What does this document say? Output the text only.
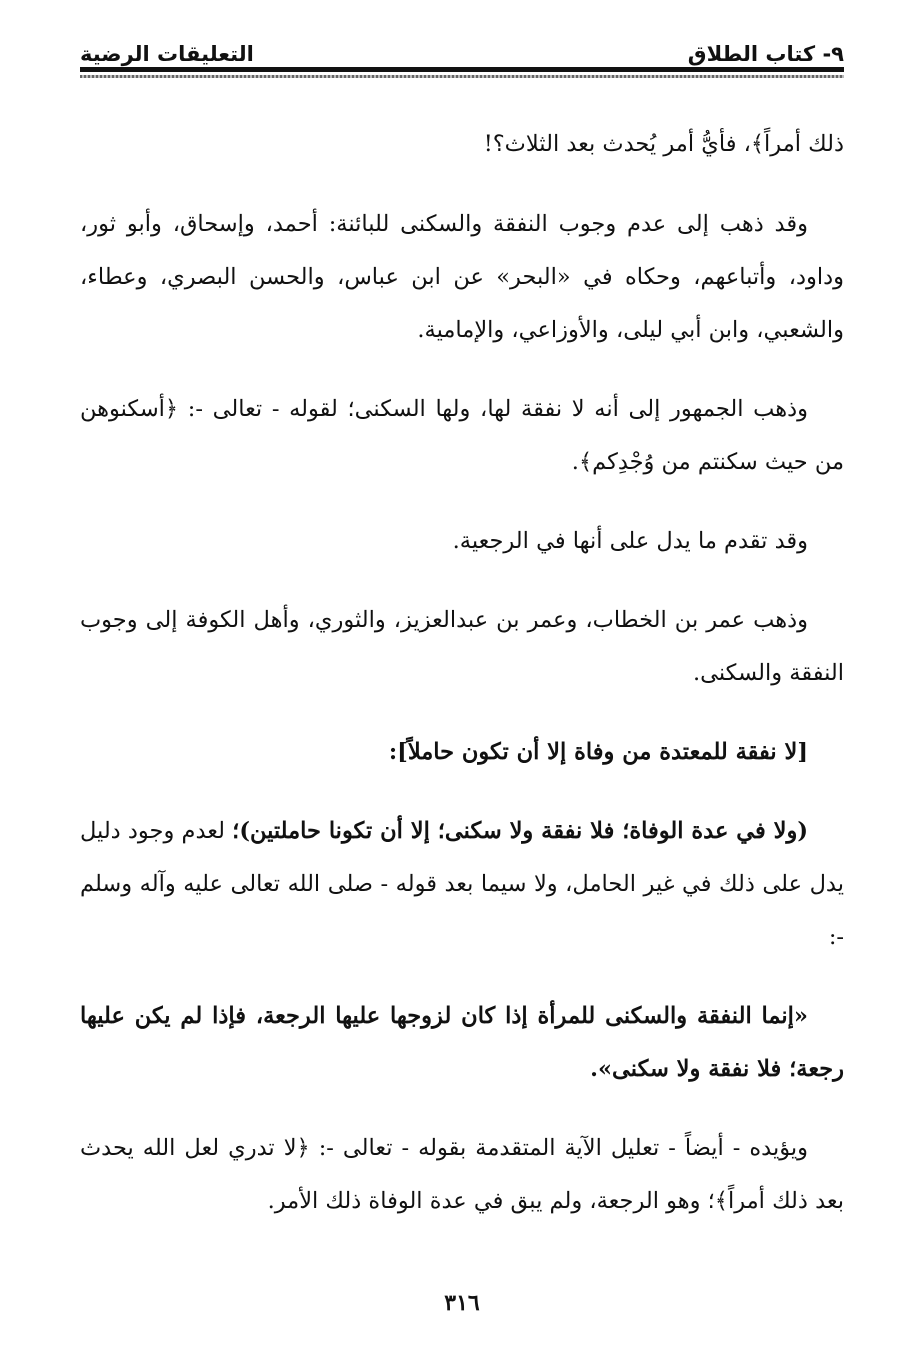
٩- كتاب الطلاق
التعليقات الرضية

ذلك أمراً﴾، فأيُّ أمر يُحدث بعد الثلاث؟!

وقد ذهب إلى عدم وجوب النفقة والسكنى للبائنة: أحمد، وإسحاق، وأبو ثور، وداود، وأتباعهم، وحكاه في «البحر» عن ابن عباس، والحسن البصري، وعطاء، والشعبي، وابن أبي ليلى، والأوزاعي، والإمامية.

وذهب الجمهور إلى أنه لا نفقة لها، ولها السكنى؛ لقوله - تعالى -: ﴿أسكنوهن من حيث سكنتم من وُجْدِكم﴾.

وقد تقدم ما يدل على أنها في الرجعية.

وذهب عمر بن الخطاب، وعمر بن عبدالعزيز، والثوري، وأهل الكوفة إلى وجوب النفقة والسكنى.

[لا نفقة للمعتدة من وفاة إلا أن تكون حاملاً]:

(ولا في عدة الوفاة؛ فلا نفقة ولا سكنى؛ إلا أن تكونا حاملتين)؛ لعدم وجود دليل يدل على ذلك في غير الحامل، ولا سيما بعد قوله - صلى الله تعالى عليه وآله وسلم -:

«إنما النفقة والسكنى للمرأة إذا كان لزوجها عليها الرجعة، فإذا لم يكن عليها رجعة؛ فلا نفقة ولا سكنى».

ويؤيده - أيضاً - تعليل الآية المتقدمة بقوله - تعالى -: ﴿لا تدري لعل الله يحدث بعد ذلك أمراً﴾؛ وهو الرجعة، ولم يبق في عدة الوفاة ذلك الأمر.

٣١٦
